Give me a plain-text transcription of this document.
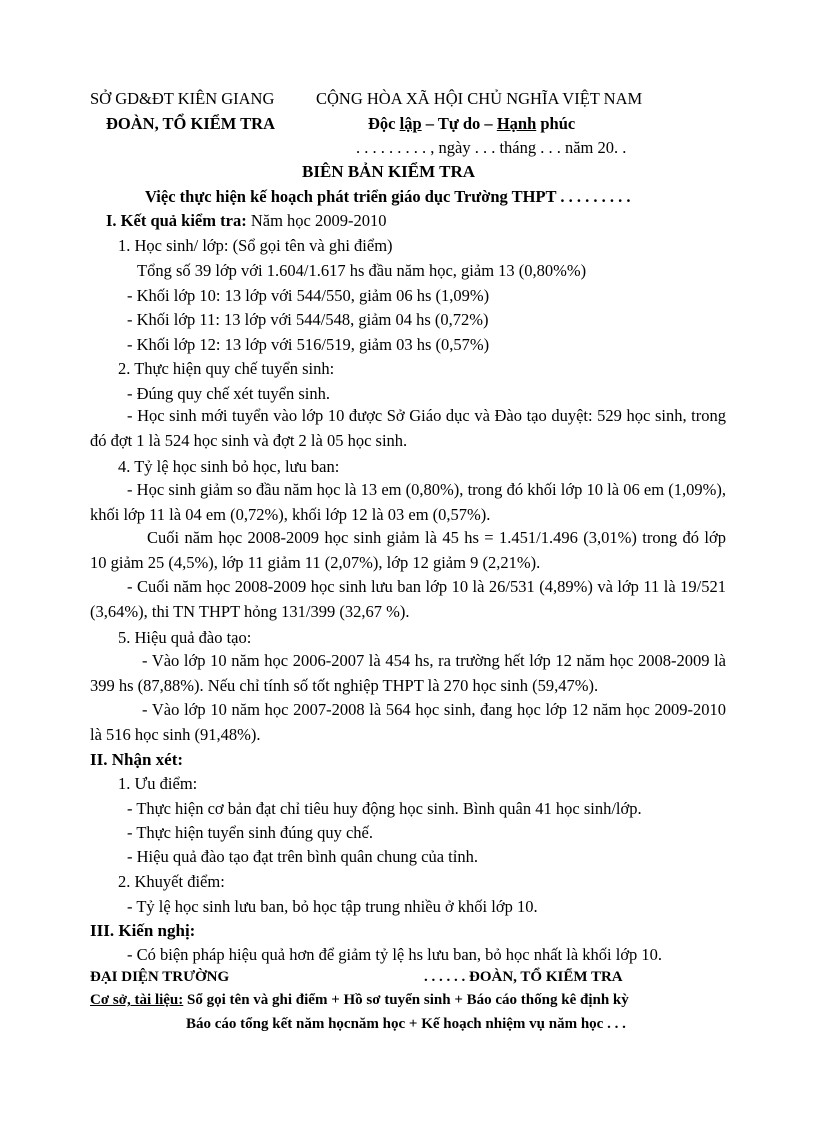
SỞ GD&ĐT KIÊN GIANG	CỘNG HÒA XÃ HỘI CHỦ NGHĨA VIỆT NAM
ĐOÀN, TỔ KIỂM TRA	Độc lập – Tự do – Hạnh phúc
. . . . . . . . . , ngày . . . tháng . . . năm 20. .
BIÊN BẢN KIỂM TRA
Việc thực hiện kế hoạch phát triển giáo dục Trường THPT . . . . . . . . .
I. Kết quả kiểm tra: Năm học 2009-2010
1. Học sinh/ lớp: (Sổ gọi tên và ghi điểm)
Tổng số 39 lớp với 1.604/1.617 hs đầu năm học, giảm 13 (0,80%%)
- Khối lớp 10: 13 lớp với 544/550, giảm 06 hs (1,09%)
- Khối lớp 11: 13 lớp với 544/548, giảm 04 hs (0,72%)
- Khối lớp 12: 13 lớp với 516/519, giảm 03 hs (0,57%)
2. Thực hiện quy chế tuyển sinh:
- Đúng quy chế xét tuyển sinh.
- Học sinh mới tuyển vào lớp 10 được Sở Giáo dục và Đào tạo duyệt: 529 học sinh, trong đó đợt 1 là 524 học sinh và đợt 2 là 05 học sinh.
4. Tỷ lệ học sinh bỏ học, lưu ban:
- Học sinh giảm so đầu năm học là 13 em (0,80%), trong đó khối lớp 10 là 06 em (1,09%), khối lớp 11 là 04 em (0,72%), khối lớp 12 là 03 em (0,57%).
Cuối năm học 2008-2009 học sinh giảm là 45 hs = 1.451/1.496 (3,01%) trong đó lớp 10 giảm 25 (4,5%), lớp 11 giảm 11 (2,07%), lớp 12 giảm 9 (2,21%).
- Cuối năm học 2008-2009 học sinh lưu ban lớp 10 là 26/531 (4,89%) và lớp 11 là 19/521 (3,64%), thi TN THPT hỏng 131/399 (32,67 %).
5. Hiệu quả đào tạo:
- Vào lớp 10 năm học 2006-2007 là 454 hs, ra trường hết lớp 12 năm học 2008-2009 là 399 hs (87,88%). Nếu chỉ tính số tốt nghiệp THPT là 270 học sinh (59,47%).
- Vào lớp 10 năm học 2007-2008 là 564 học sinh, đang học lớp 12 năm học 2009-2010 là 516 học sinh (91,48%).
II. Nhận xét:
1. Ưu điểm:
- Thực hiện cơ bản đạt chỉ tiêu huy động học sinh. Bình quân 41 học sinh/lớp.
- Thực hiện tuyển sinh đúng quy chế.
- Hiệu quả đào tạo đạt trên bình quân chung của tỉnh.
2. Khuyết điểm:
- Tỷ lệ học sinh lưu ban, bỏ học tập trung nhiều ở khối lớp 10.
III. Kiến nghị:
- Có biện pháp hiệu quả hơn để giảm tỷ lệ hs lưu ban, bỏ học nhất là khối lớp 10.
ĐẠI DIỆN TRƯỜNG	. . . . . . ĐOÀN, TỔ KIỂM TRA
Cơ sở, tài liệu: Sổ gọi tên và ghi điểm + Hồ sơ tuyển sinh + Báo cáo thống kê định kỳ
Báo cáo tổng kết năm họcnăm học + Kế hoạch nhiệm vụ năm học . . .
